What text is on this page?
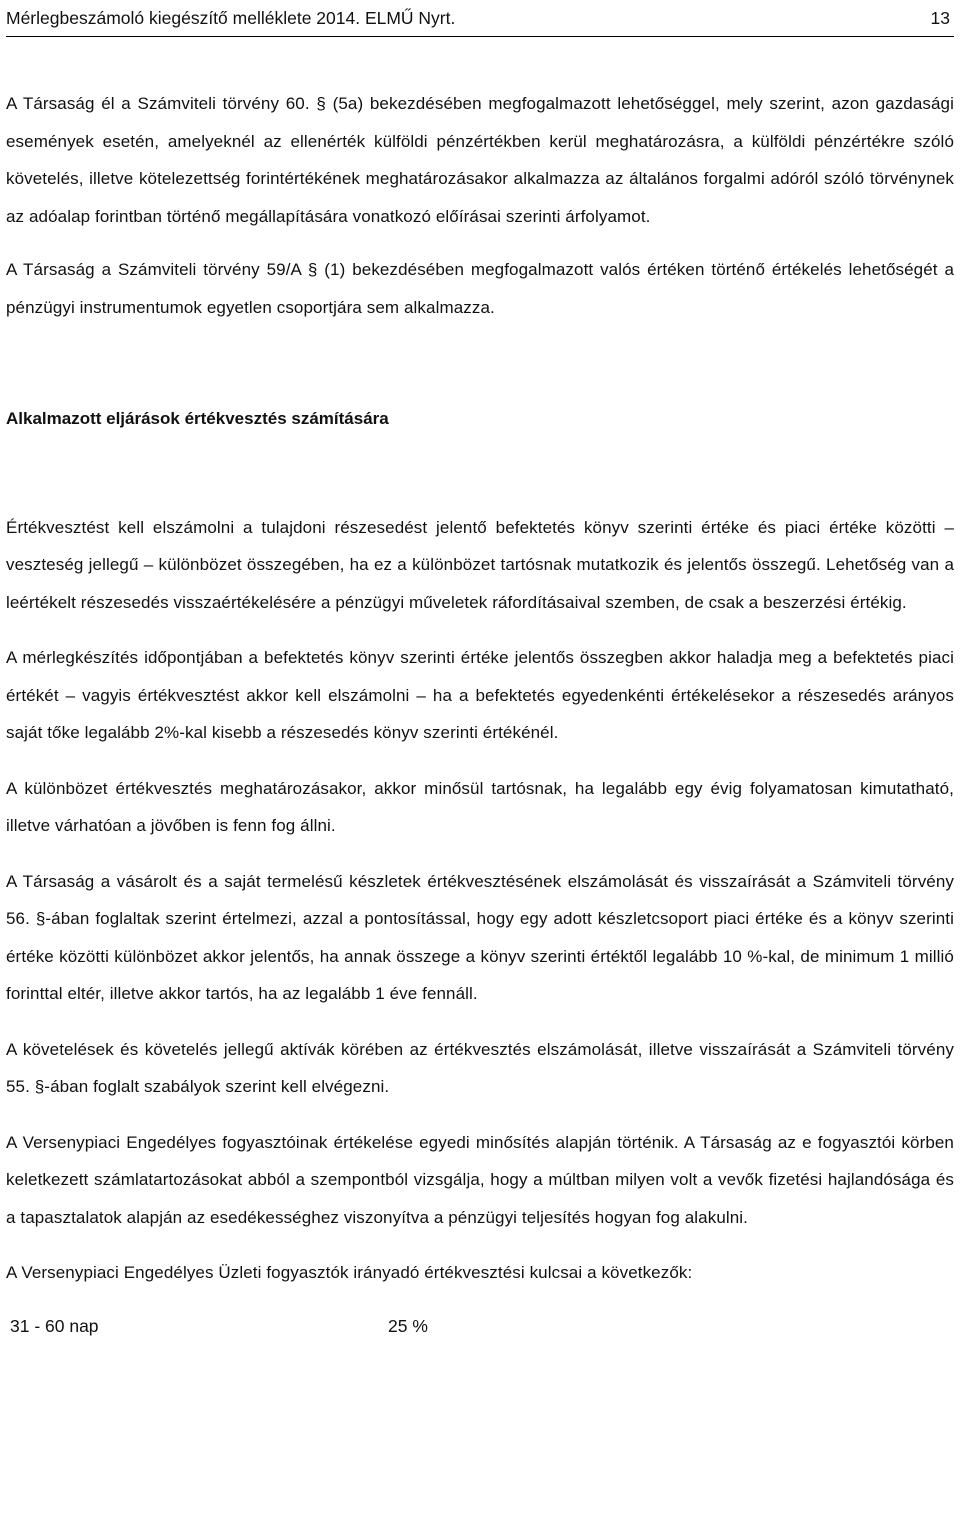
Mérlegbeszámoló kiegészítő melléklete 2014. ELMŰ Nyrt.	13

A Társaság él a Számviteli törvény 60. § (5a) bekezdésében megfogalmazott lehetőséggel, mely szerint, azon gazdasági események esetén, amelyeknél az ellenérték külföldi pénzértékben kerül meghatározásra, a külföldi pénzértékre szóló követelés, illetve kötelezettség forintértékének meghatározásakor alkalmazza az általános forgalmi adóról szóló törvénynek az adóalap forintban történő megállapítására vonatkozó előírásai szerinti árfolyamot.

A Társaság a Számviteli törvény 59/A § (1) bekezdésében megfogalmazott valós értéken történő értékelés lehetőségét a pénzügyi instrumentumok egyetlen csoportjára sem alkalmazza.

Alkalmazott eljárások értékvesztés számítására

Értékvesztést kell elszámolni a tulajdoni részesedést jelentő befektetés könyv szerinti értéke és piaci értéke közötti – veszteség jellegű – különbözet összegében, ha ez a különbözet tartósnak mutatkozik és jelentős összegű. Lehetőség van a leértékelt részesedés visszaértékelésére a pénzügyi műveletek ráfordításaival szemben, de csak a beszerzési értékig.

A mérlegkészítés időpontjában a befektetés könyv szerinti értéke jelentős összegben akkor haladja meg a befektetés piaci értékét – vagyis értékvesztést akkor kell elszámolni – ha a befektetés egyedenkénti értékelésekor a részesedés arányos saját tőke legalább 2%-kal kisebb a részesedés könyv szerinti értékénél.

A különbözet értékvesztés meghatározásakor, akkor minősül tartósnak, ha legalább egy évig folyamatosan kimutatható, illetve várhatóan a jövőben is fenn fog állni.

A Társaság a vásárolt és a saját termelésű készletek értékvesztésének elszámolását és visszaírását a Számviteli törvény 56. §-ában foglaltak szerint értelmezi, azzal a pontosítással, hogy egy adott készletcsoport piaci értéke és a könyv szerinti értéke közötti különbözet akkor jelentős, ha annak összege a könyv szerinti értéktől legalább 10 %-kal, de minimum 1 millió forinttal eltér, illetve akkor tartós, ha az legalább 1 éve fennáll.

A követelések és követelés jellegű aktívák körében az értékvesztés elszámolását, illetve visszaírását a Számviteli törvény 55. §-ában foglalt szabályok szerint kell elvégezni.

A Versenypiaci Engedélyes fogyasztóinak értékelése egyedi minősítés alapján történik. A Társaság az e fogyasztói körben keletkezett számlatartozásokat abból a szempontból vizsgálja, hogy a múltban milyen volt a vevők fizetési hajlandósága és a tapasztalatok alapján az esedékességhez viszonyítva a pénzügyi teljesítés hogyan fog alakulni.

A Versenypiaci Engedélyes Üzleti fogyasztók irányadó értékvesztési kulcsai a következők:

31 - 60 nap	25 %
